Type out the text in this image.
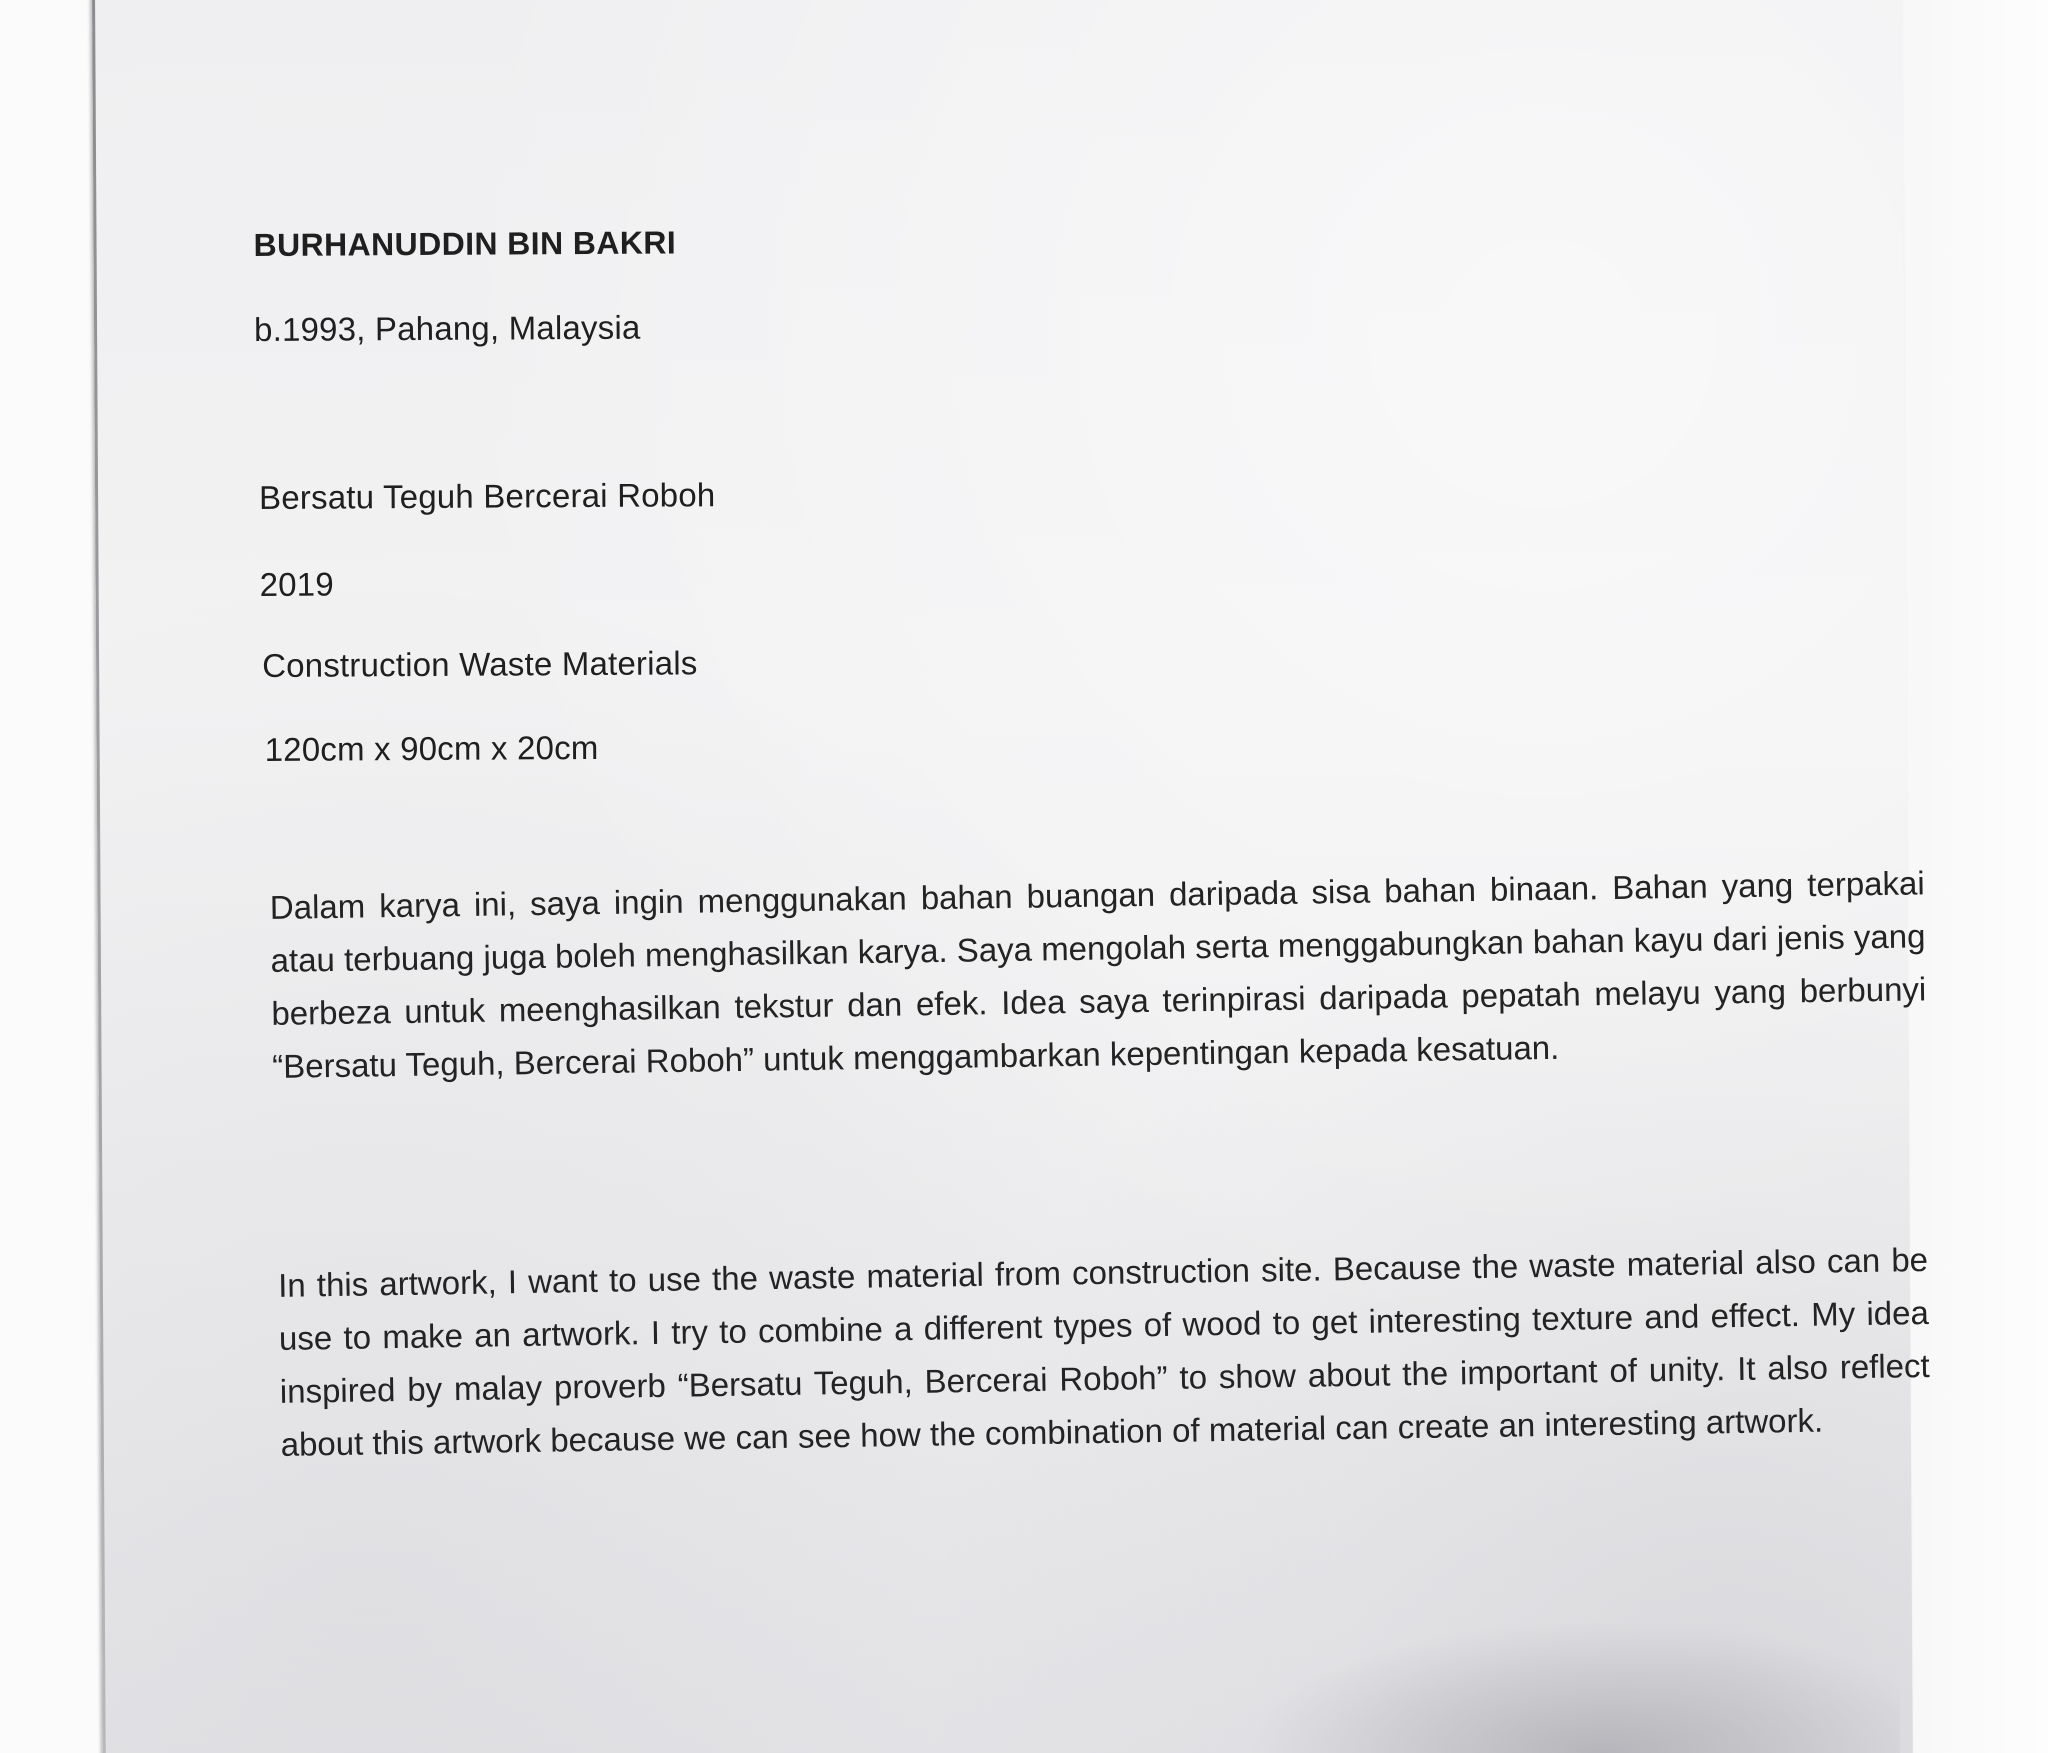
BURHANUDDIN BIN BAKRI
b.1993, Pahang, Malaysia
Bersatu Teguh Bercerai Roboh
2019
Construction Waste Materials
120cm x 90cm x 20cm
Dalam karya ini, saya ingin menggunakan bahan buangan daripada sisa bahan binaan. Bahan yang terpakai atau terbuang juga boleh menghasilkan karya. Saya mengolah serta menggabungkan bahan kayu dari jenis yang berbeza untuk meenghasilkan tekstur dan efek. Idea saya terinpirasi daripada pepatah melayu yang berbunyi “Bersatu Teguh, Bercerai Roboh” untuk menggambarkan kepentingan kepada kesatuan.
In this artwork, I want to use the waste material from construction site. Because the waste material also can be use to make an artwork. I try to combine a different types of wood to get interesting texture and effect. My idea inspired by malay proverb “Bersatu Teguh, Bercerai Roboh” to show about the important of unity. It also reflect about this artwork because we can see how the combination of material can create an interesting artwork.
